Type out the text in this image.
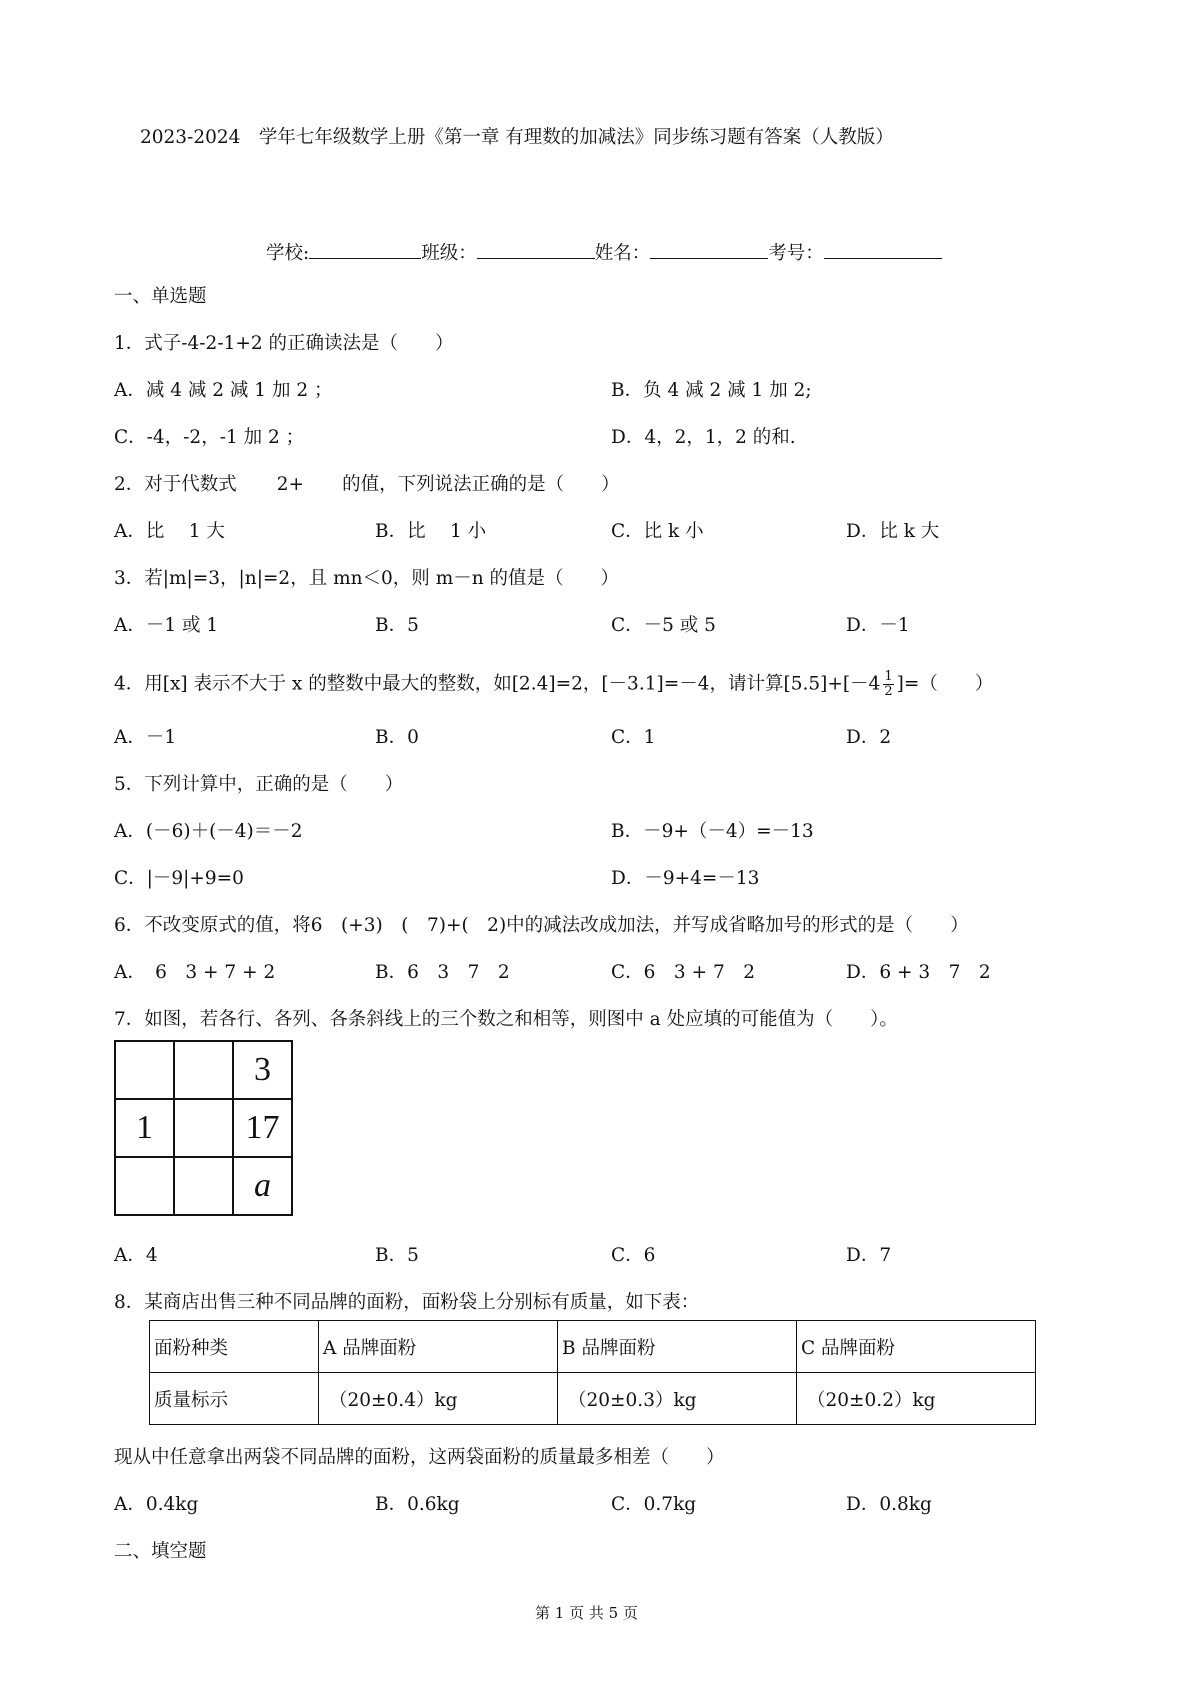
2023-2024　学年七年级数学上册《第一章 有理数的加减法》同步练习题有答案（人教版）
学校:	班级：	姓名：	考号：
一、单选题
1．式子-4-2-1+2 的正确读法是（　　）
A．减 4 减 2 减 1 加 2 ；	B．负 4 减 2 减 1 加 2;
C．-4，-2，-1 加 2 ；	D．4，2，1，2 的和.
2．对于代数式 2+ 的值，下列说法正确的是（　　）
A．比　 1 大	B．比　 1 小	C．比 k 小	D．比 k 大
3．若|m|=3，|n|=2，且 mn＜0，则 m－n 的值是（　　）
A．－1 或 1	B．5	C．－5 或 5	D．－1
4．用[x] 表示不大于 x 的整数中最大的整数，如[2.4]=2，[－3.1]=－4，请计算$[5.5]+[-4 \frac{1}{2}$ ]=（　　）
A．－1	B．0	C．1	D．2
5．下列计算中，正确的是（　　）
A．(－6)＋(－4)＝－2	B．－9+（－4）=－13
C．|－9|+9=0	D．－9+4=－13
6．不改变原式的值，将6　(+3)　(　7)+(　2)中的减法改成加法，并写成省略加号的形式的是（　　）
A．　6　3 + 7 + 2	B．6　3　7　2	C．6　3 + 7　2	D．6 + 3　7　2
7．如图，若各行、各列、各条斜线上的三个数之和相等，则图中 a 处应填的可能值为（　　）。
		3
1		17
		a
A．4	B．5	C．6	D．7
8．某商店出售三种不同品牌的面粉，面粉袋上分别标有质量，如下表：
面粉种类	A 品牌面粉	B 品牌面粉	C 品牌面粉
质量标示	（20±0.4）kg	（20±0.3）kg	（20±0.2）kg
现从中任意拿出两袋不同品牌的面粉，这两袋面粉的质量最多相差（　　）
A．0.4kg	B．0.6kg	C．0.7kg	D．0.8kg
二、填空题
第 1 页 共 5 页
